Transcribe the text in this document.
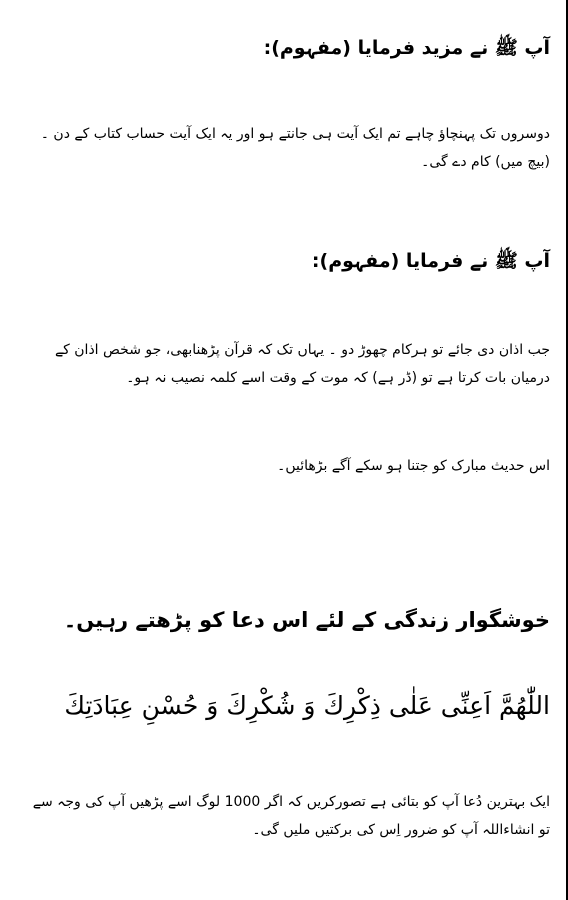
آپ ﷺ نے مزید فرمایا (مفہوم):
دوسروں تک پہنچاؤ چاہے تم ایک آیت ہی جانتے ہو اور یہ ایک آیت حساب کتاب کے دن ۔ (بیچ میں) کام دے گی۔
آپ ﷺ نے فرمایا (مفہوم):
جب اذان دی جائے تو ہرکام چھوڑ دو ۔ یہاں تک کہ قرآن پڑھنابھی، جو شخص اذان کے درمیان بات کرتا ہے تو (ڈر ہے) کہ موت کے وقت اسے کلمہ نصیب نہ ہو۔
اس حدیث مبارک کو جتنا ہو سکے آگے بڑھائیں۔
خوشگوار زندگی کے لئے اس دعا کو پڑھتے رہیں۔
اللّٰهُمَّ اَعِنِّی عَلٰی ذِکْرِكَ وَ شُکْرِكَ وَ حُسْنِ عِبَادَتِكَ
ایک بہترین دُعا آپ کو بتائی ہے تصورکریں کہ اگر 1000 لوگ اسے پڑھیں آپ کی وجہ سے تو انشاءاللہ آپ کو ضرور اِس کی برکتیں ملیں گی۔
